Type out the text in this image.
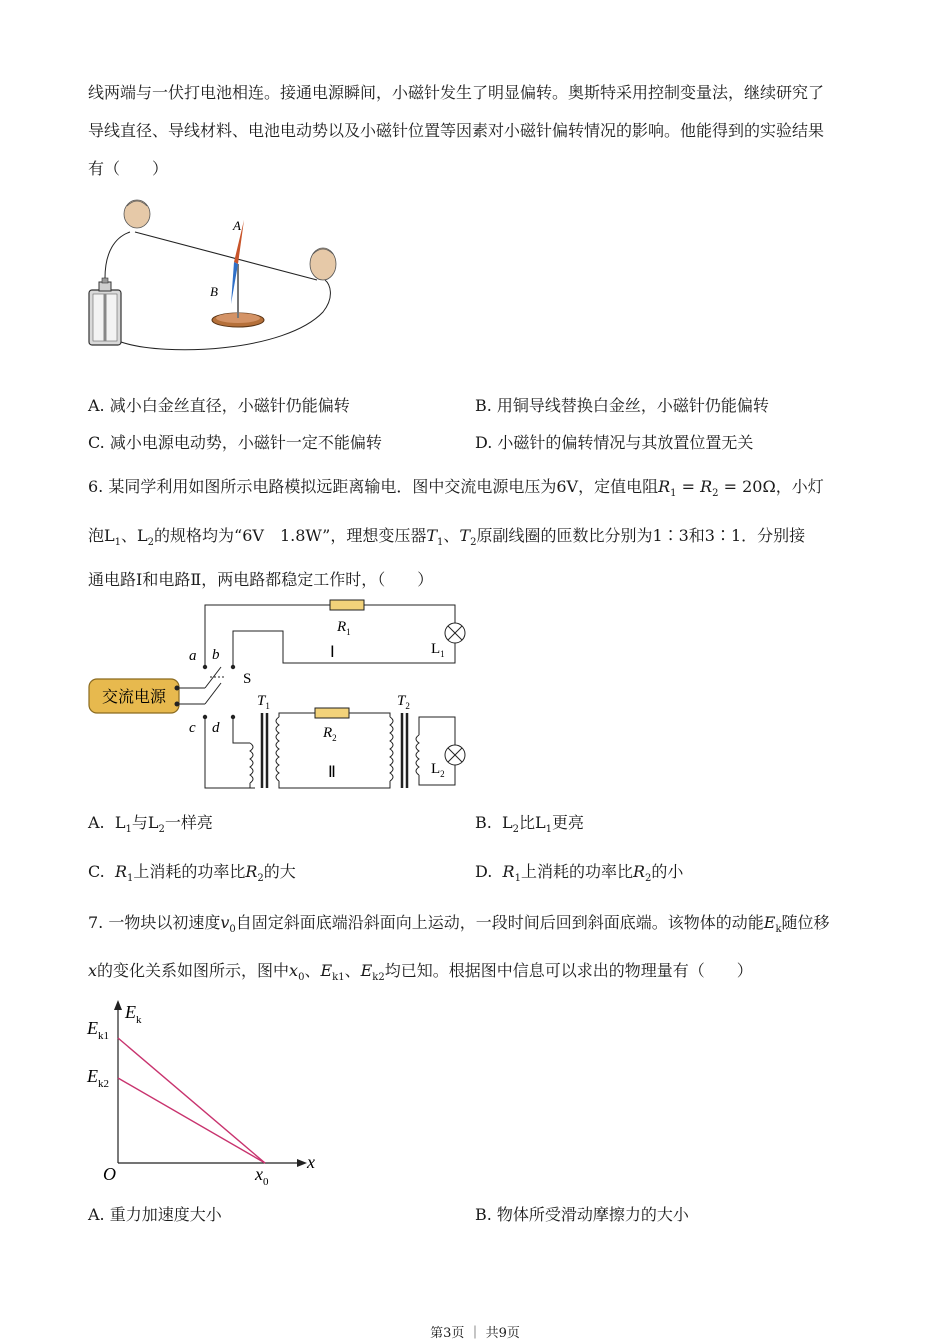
线两端与一伏打电池相连。接通电源瞬间，小磁针发生了明显偏转。奥斯特采用控制变量法，继续研究了
导线直径、导线材料、电池电动势以及小磁针位置等因素对小磁针偏转情况的影响。他能得到的实验结果
有（　　）
A
B
A. 减小白金丝直径，小磁针仍能偏转	B. 用铜导线替换白金丝，小磁针仍能偏转
C. 减小电源电动势，小磁针一定不能偏转	D. 小磁针的偏转情况与其放置位置无关
6. 某同学利用如图所示电路模拟远距离输电．图中交流电源电压为6V，定值电阻$R_1 = R_2 = 20\Omega$，小灯
泡$L_1$、$L_2$的规格均为“6V　1.8W”，理想变压器$T_1$、$T_2$原副线圈的匝数比分别为1∶3和3∶1．分别接
通电路Ⅰ和电路Ⅱ，两电路都稳定工作时，（　　）
交流电源
a b
c d
S
$R_1$
$L_1$
Ⅰ
$R_2$
$T_1$	$T_2$
$L_2$
Ⅱ
A.  $L_1$与$L_2$一样亮	B.  $L_2$比$L_1$更亮
C. $R_1$上消耗的功率比$R_2$的大	D. $R_1$上消耗的功率比$R_2$的小
7. 一物块以初速度$v_0$自固定斜面底端沿斜面向上运动，一段时间后回到斜面底端。该物体的动能$E_k$随位移
x的变化关系如图所示，图中$x_0$、$E_{k1}$、$E_{k2}$均已知。根据图中信息可以求出的物理量有（　　）
$E_k$
$E_{k1}$
$E_{k2}$
O
x
$x_0$
A. 重力加速度大小	B. 物体所受滑动摩擦力的大小
第3页 ｜ 共9页
